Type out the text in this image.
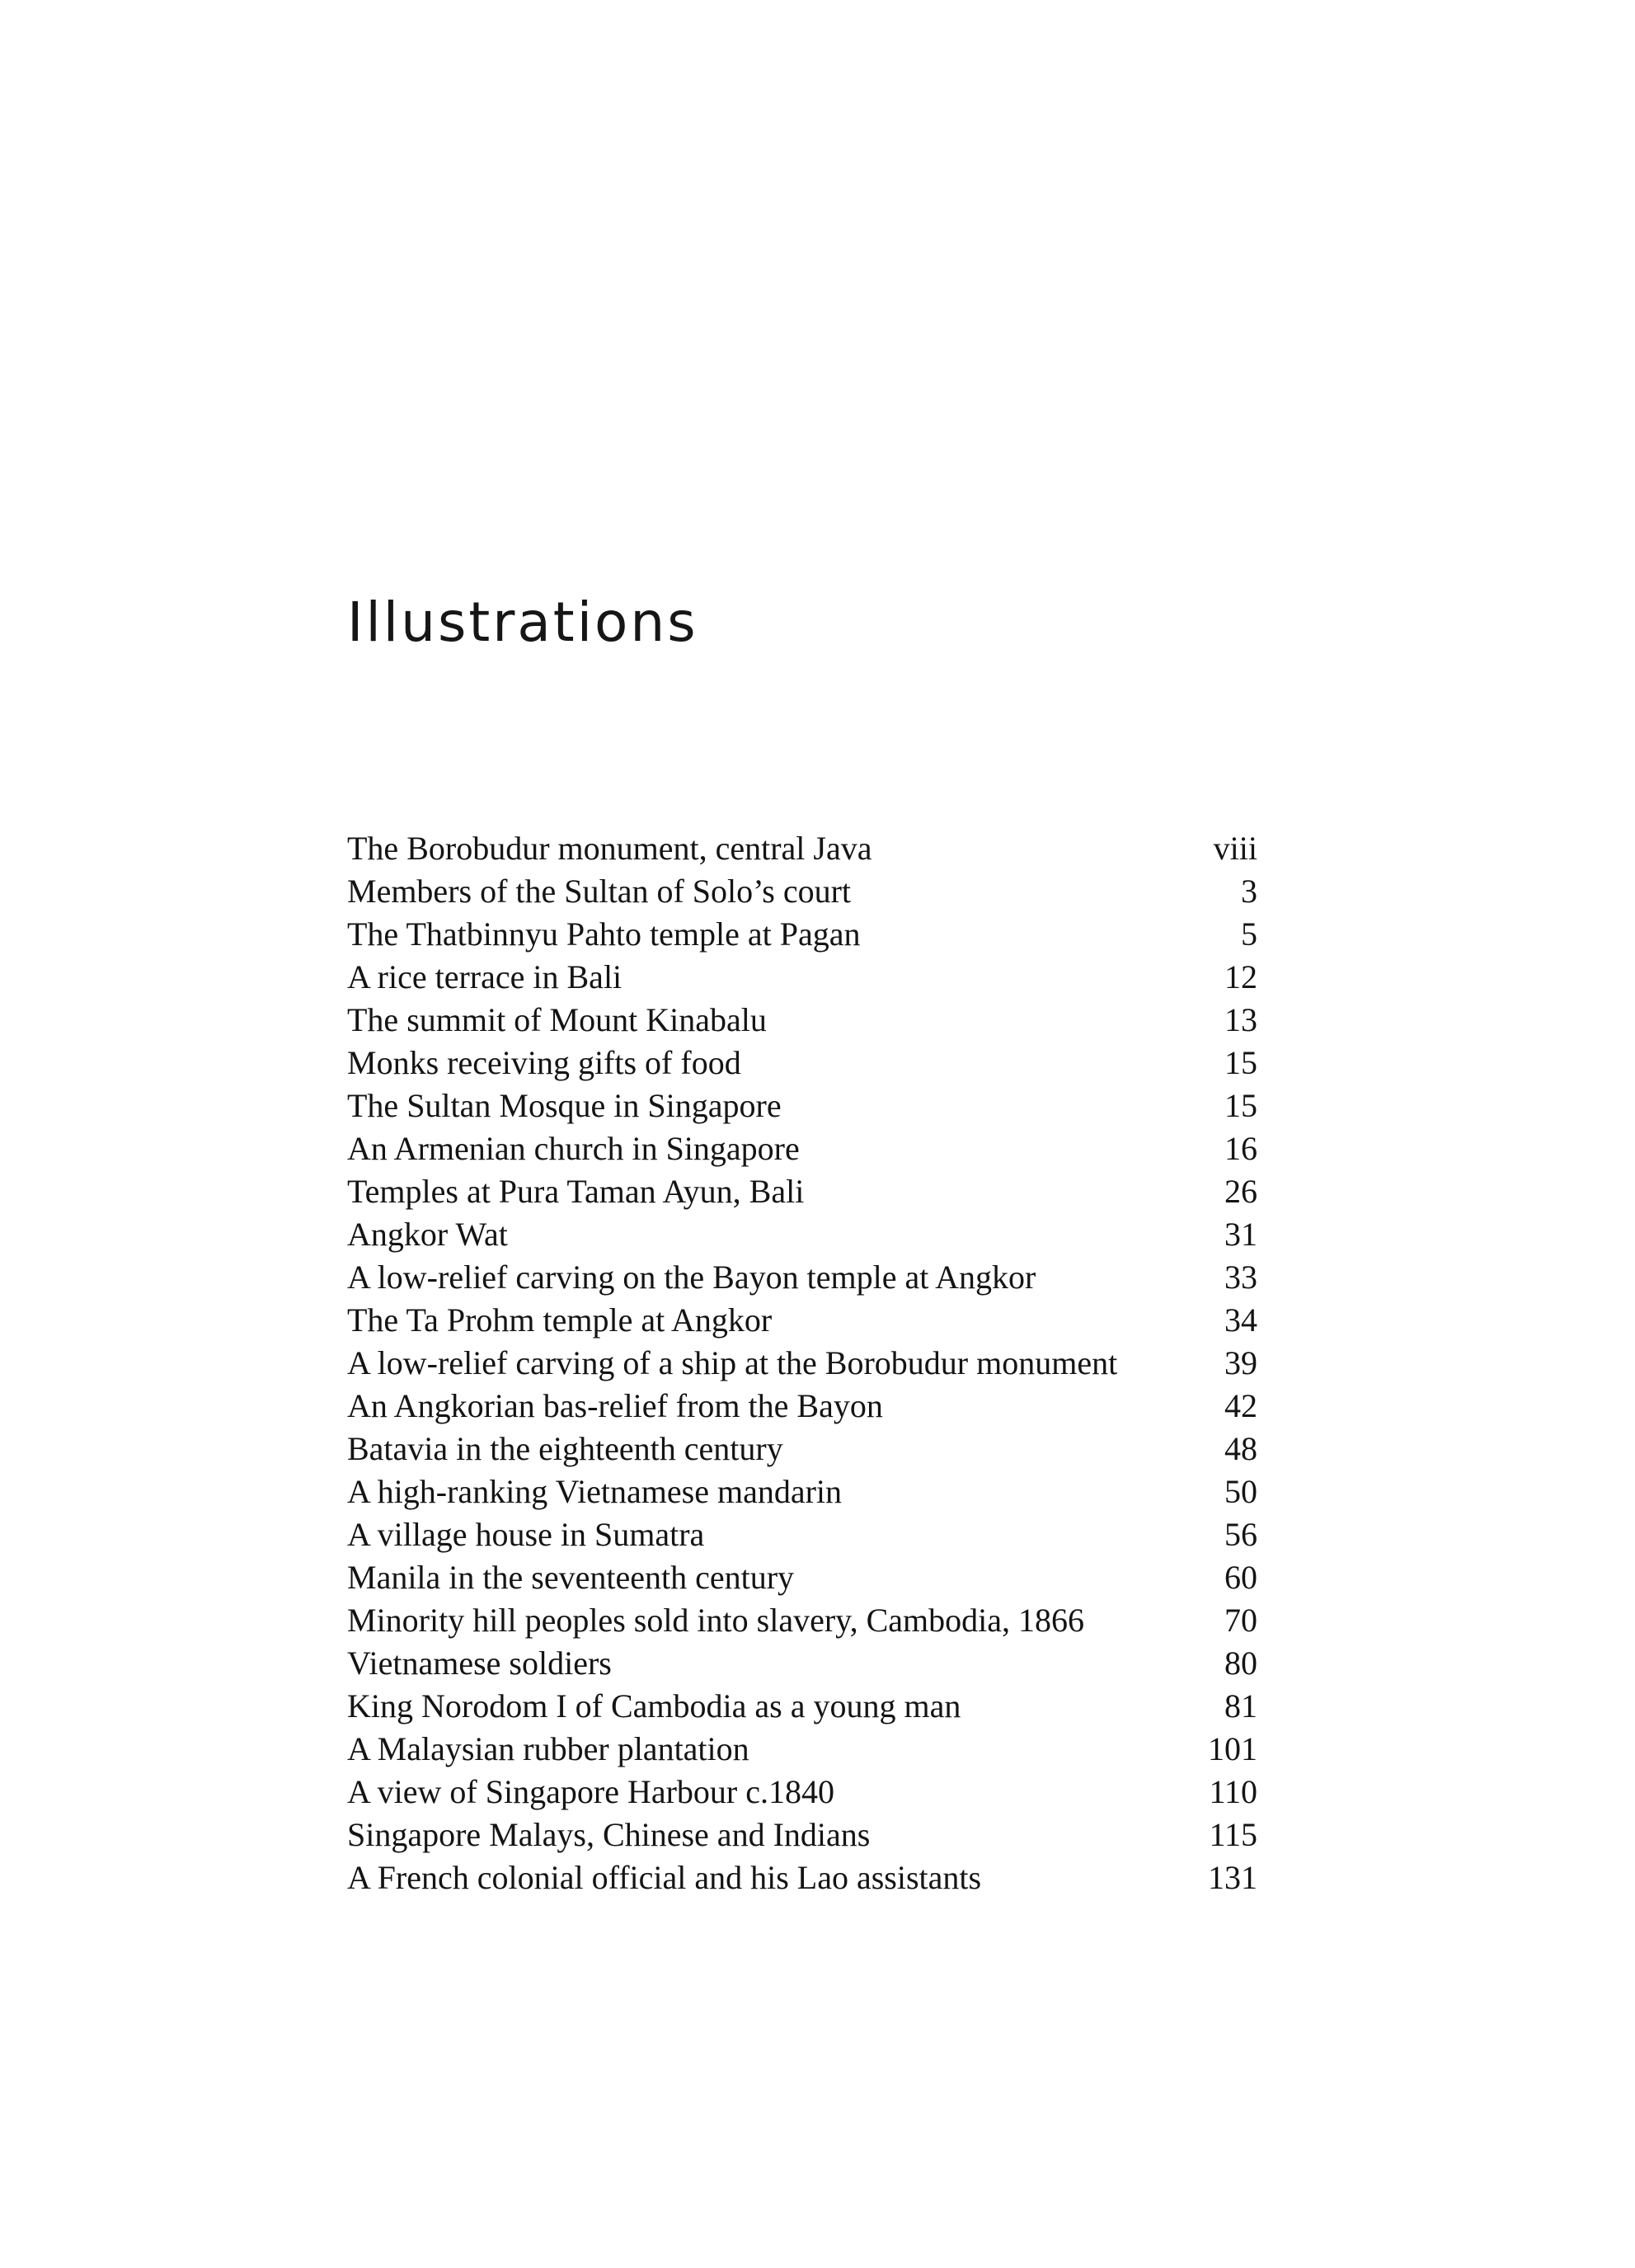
Illustrations
The Borobudur monument, central Java	viii
Members of the Sultan of Solo’s court	3
The Thatbinnyu Pahto temple at Pagan	5
A rice terrace in Bali	12
The summit of Mount Kinabalu	13
Monks receiving gifts of food	15
The Sultan Mosque in Singapore	15
An Armenian church in Singapore	16
Temples at Pura Taman Ayun, Bali	26
Angkor Wat	31
A low-relief carving on the Bayon temple at Angkor	33
The Ta Prohm temple at Angkor	34
A low-relief carving of a ship at the Borobudur monument	39
An Angkorian bas-relief from the Bayon	42
Batavia in the eighteenth century	48
A high-ranking Vietnamese mandarin	50
A village house in Sumatra	56
Manila in the seventeenth century	60
Minority hill peoples sold into slavery, Cambodia, 1866	70
Vietnamese soldiers	80
King Norodom I of Cambodia as a young man	81
A Malaysian rubber plantation	101
A view of Singapore Harbour c.1840	110
Singapore Malays, Chinese and Indians	115
A French colonial official and his Lao assistants	131
